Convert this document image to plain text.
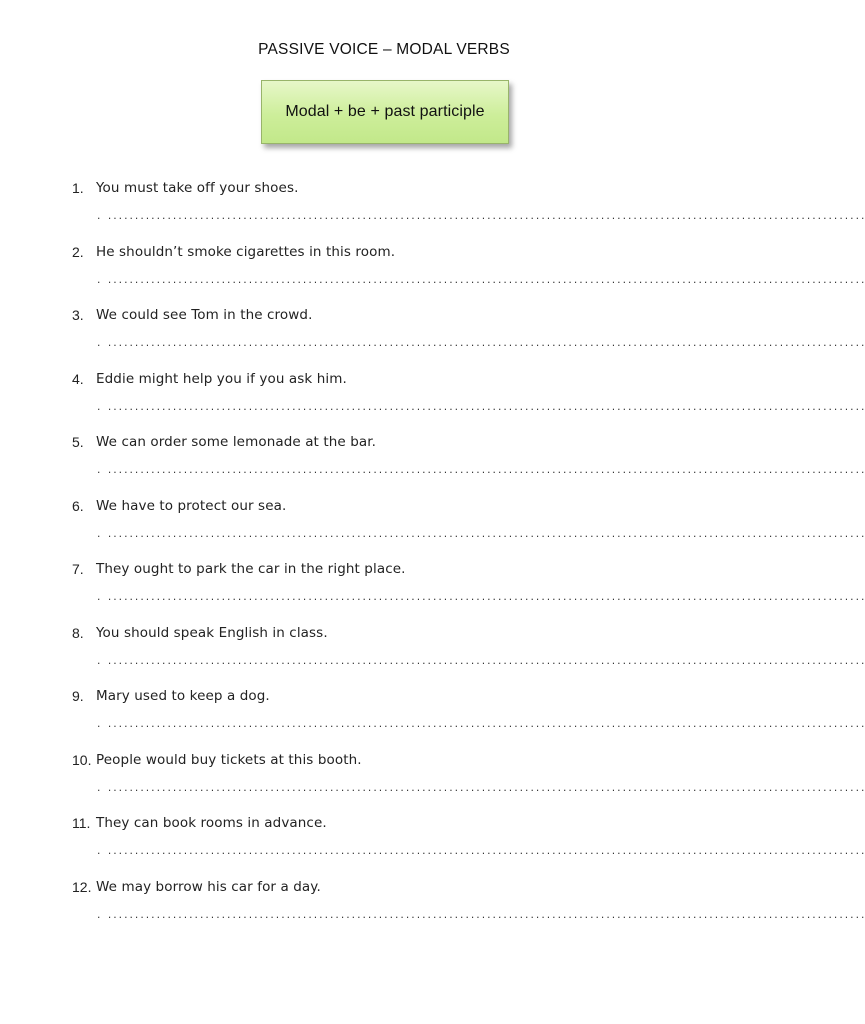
PASSIVE VOICE – MODAL VERBS
Modal + be + past participle
1. You must take off your shoes.
. ............................................................................................................................................
2. He shouldn’t smoke cigarettes in this room.
. ............................................................................................................................................
3. We could see Tom in the crowd.
. ............................................................................................................................................
4. Eddie might help you if you ask him.
. ............................................................................................................................................
5. We can order some lemonade at the bar.
. ............................................................................................................................................
6. We have to protect our sea.
. ............................................................................................................................................
7. They ought to park the car in the right place.
. ............................................................................................................................................
8. You should speak English in class.
. ............................................................................................................................................
9. Mary used to keep a dog.
. ............................................................................................................................................
10. People would buy tickets at this booth.
. ............................................................................................................................................
11. They can book rooms in advance.
. ............................................................................................................................................
12. We may borrow his car for a day.
. ............................................................................................................................................
